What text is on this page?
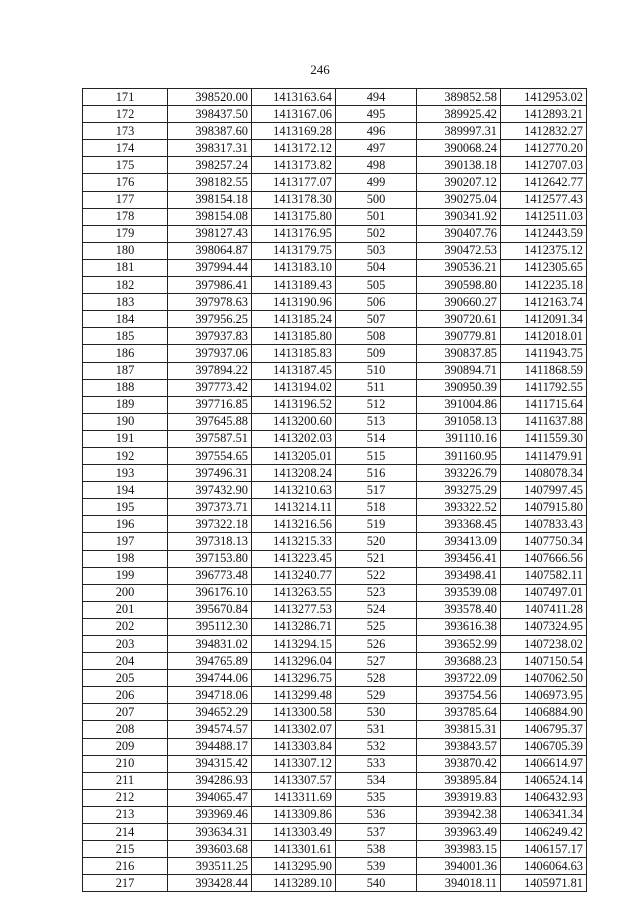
246
171	398520.00	1413163.64	494	389852.58	1412953.02
172	398437.50	1413167.06	495	389925.42	1412893.21
173	398387.60	1413169.28	496	389997.31	1412832.27
174	398317.31	1413172.12	497	390068.24	1412770.20
175	398257.24	1413173.82	498	390138.18	1412707.03
176	398182.55	1413177.07	499	390207.12	1412642.77
177	398154.18	1413178.30	500	390275.04	1412577.43
178	398154.08	1413175.80	501	390341.92	1412511.03
179	398127.43	1413176.95	502	390407.76	1412443.59
180	398064.87	1413179.75	503	390472.53	1412375.12
181	397994.44	1413183.10	504	390536.21	1412305.65
182	397986.41	1413189.43	505	390598.80	1412235.18
183	397978.63	1413190.96	506	390660.27	1412163.74
184	397956.25	1413185.24	507	390720.61	1412091.34
185	397937.83	1413185.80	508	390779.81	1412018.01
186	397937.06	1413185.83	509	390837.85	1411943.75
187	397894.22	1413187.45	510	390894.71	1411868.59
188	397773.42	1413194.02	511	390950.39	1411792.55
189	397716.85	1413196.52	512	391004.86	1411715.64
190	397645.88	1413200.60	513	391058.13	1411637.88
191	397587.51	1413202.03	514	391110.16	1411559.30
192	397554.65	1413205.01	515	391160.95	1411479.91
193	397496.31	1413208.24	516	393226.79	1408078.34
194	397432.90	1413210.63	517	393275.29	1407997.45
195	397373.71	1413214.11	518	393322.52	1407915.80
196	397322.18	1413216.56	519	393368.45	1407833.43
197	397318.13	1413215.33	520	393413.09	1407750.34
198	397153.80	1413223.45	521	393456.41	1407666.56
199	396773.48	1413240.77	522	393498.41	1407582.11
200	396176.10	1413263.55	523	393539.08	1407497.01
201	395670.84	1413277.53	524	393578.40	1407411.28
202	395112.30	1413286.71	525	393616.38	1407324.95
203	394831.02	1413294.15	526	393652.99	1407238.02
204	394765.89	1413296.04	527	393688.23	1407150.54
205	394744.06	1413296.75	528	393722.09	1407062.50
206	394718.06	1413299.48	529	393754.56	1406973.95
207	394652.29	1413300.58	530	393785.64	1406884.90
208	394574.57	1413302.07	531	393815.31	1406795.37
209	394488.17	1413303.84	532	393843.57	1406705.39
210	394315.42	1413307.12	533	393870.42	1406614.97
211	394286.93	1413307.57	534	393895.84	1406524.14
212	394065.47	1413311.69	535	393919.83	1406432.93
213	393969.46	1413309.86	536	393942.38	1406341.34
214	393634.31	1413303.49	537	393963.49	1406249.42
215	393603.68	1413301.61	538	393983.15	1406157.17
216	393511.25	1413295.90	539	394001.36	1406064.63
217	393428.44	1413289.10	540	394018.11	1405971.81
